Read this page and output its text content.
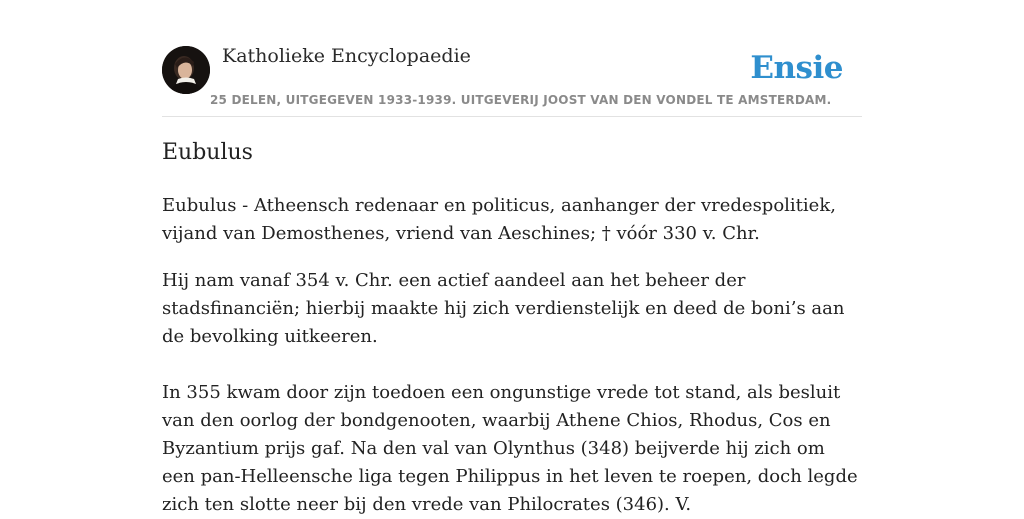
Katholieke Encyclopaedie	Ensie
25 DELEN, UITGEGEVEN 1933-1939. UITGEVERIJ JOOST VAN DEN VONDEL TE AMSTERDAM.
Eubulus

Eubulus - Atheensch redenaar en politicus, aanhanger der vredespolitiek, vijand van Demosthenes, vriend van Aeschines; † vóór 330 v. Chr.

Hij nam vanaf 354 v. Chr. een actief aandeel aan het beheer der stadsfinanciën; hierbij maakte hij zich verdienstelijk en deed de boni’s aan de bevolking uitkeeren.

In 355 kwam door zijn toedoen een ongunstige vrede tot stand, als besluit van den oorlog der bondgenooten, waarbij Athene Chios, Rhodus, Cos en Byzantium prijs gaf. Na den val van Olynthus (348) beijverde hij zich om een pan-Helleensche liga tegen Philippus in het leven te roepen, doch legde zich ten slotte neer bij den vrede van Philocrates (346). V.
